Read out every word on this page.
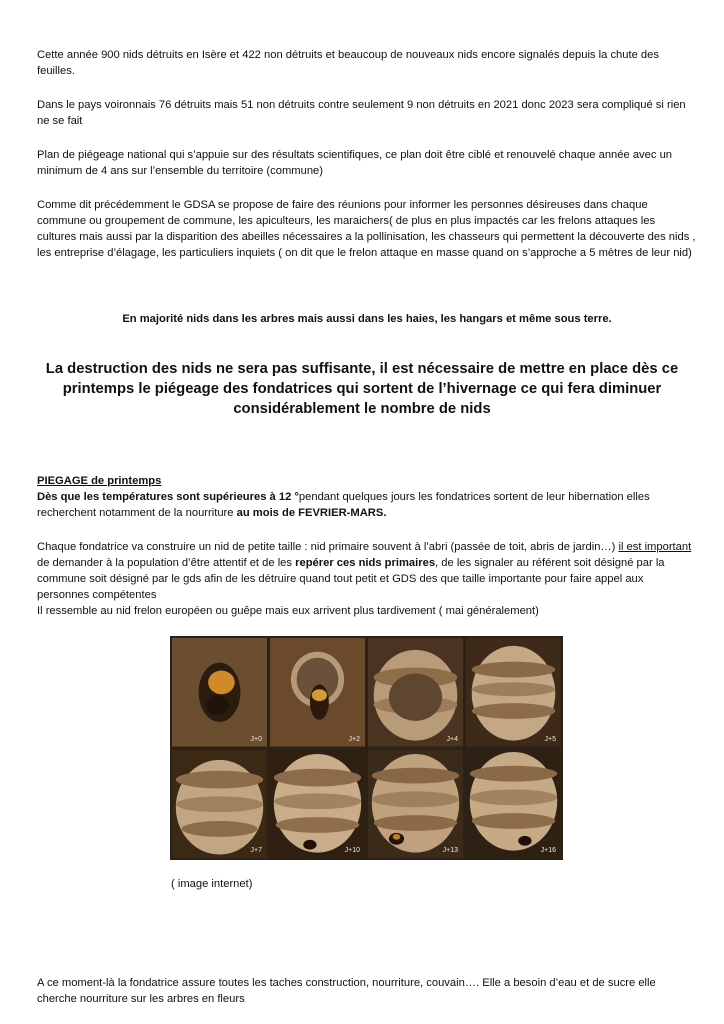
Cette année 900 nids détruits en Isère et 422 non détruits et beaucoup de nouveaux nids encore signalés depuis la chute des feuilles.
Dans le pays voironnais 76 détruits mais 51 non détruits contre seulement 9 non détruits en 2021 donc 2023 sera compliqué si rien ne se fait
Plan de piégeage national qui s’appuie sur des résultats scientifiques, ce plan doit être ciblé et renouvelé chaque année avec un minimum de 4 ans sur l’ensemble du territoire (commune)
Comme dit précédemment le GDSA se propose de faire des réunions pour informer les personnes désireuses dans chaque commune ou groupement de commune, les apiculteurs, les maraichers( de plus en plus impactés car les frelons attaques les cultures mais aussi par la disparition des abeilles nécessaires a la pollinisation, les chasseurs qui permettent la découverte des nids , les entreprise d’élagage, les particuliers inquiets ( on dit que le frelon attaque en masse quand on s’approche a 5 mètres de leur nid)
En majorité nids dans les arbres mais aussi dans les haies, les hangars et même sous terre.
La destruction des nids ne sera pas suffisante, il est nécessaire de mettre en place dès ce printemps le piégeage des fondatrices qui sortent de l’hivernage ce qui fera diminuer considérablement le nombre de nids
PIEGAGE de printemps
Dès que les températures sont supérieures à 12 °pendant quelques jours les fondatrices sortent de leur hibernation elles recherchent notamment de la nourriture au mois de FEVRIER-MARS.
Chaque fondatrice va construire un nid de petite taille : nid primaire souvent à l’abri (passée de toit, abris de jardin…) il est important de demander à la population d’être attentif et de les repérer ces nids primaires, de les signaler au référent soit désigné par la commune soit désigné par le gds afin de les détruire quand tout petit et GDS des que taille importante pour faire appel aux personnes compétentes
Il ressemble au nid frelon européen ou guêpe mais eux arrivent plus tardivement ( mai généralement)
J+0	J+2	J+4	J+5
J+7	J+10	J+13	J+16
( image internet)
A ce moment-là la fondatrice assure toutes les taches construction, nourriture, couvain…. Elle a besoin d’eau et de sucre elle cherche nourriture sur les arbres en fleurs
